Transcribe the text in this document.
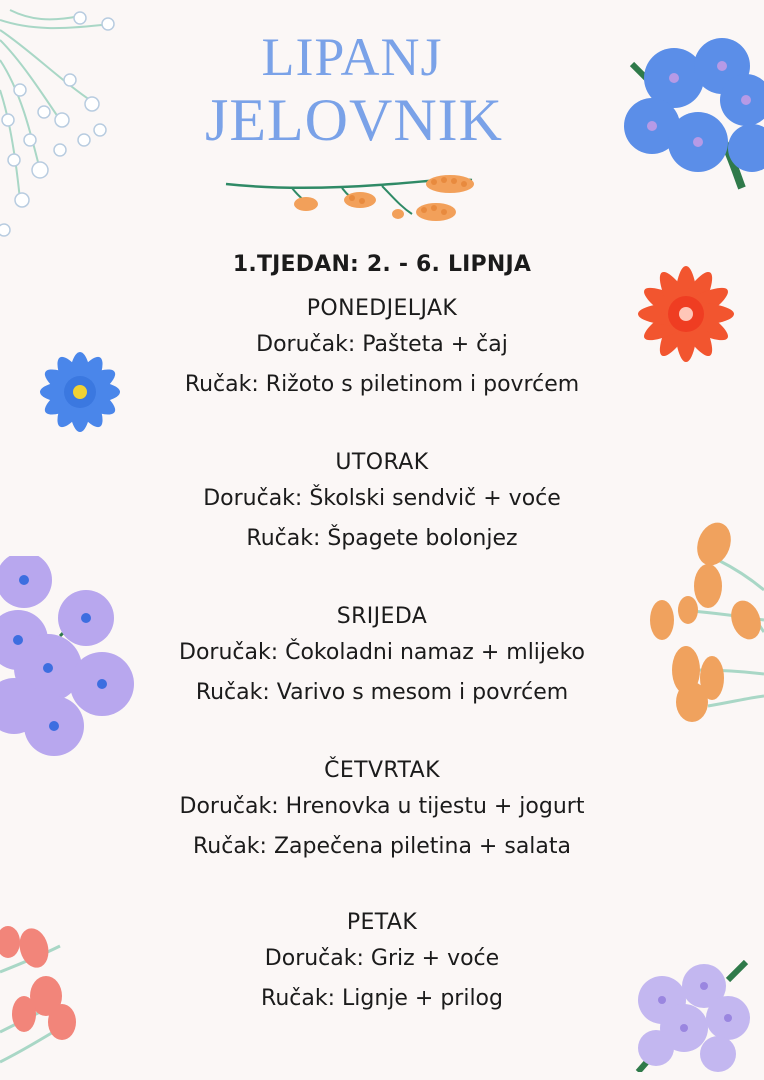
LIPANJ
JELOVNIK
1.TJEDAN: 2. - 6. LIPNJA
PONEDJELJAK
Doručak: Pašteta + čaj
Ručak: Rižoto s piletinom i povrćem
UTORAK
Doručak: Školski sendvič + voće
Ručak: Špagete bolonjez
SRIJEDA
Doručak: Čokoladni namaz + mlijeko
Ručak: Varivo s mesom i povrćem
ČETVRTAK
Doručak: Hrenovka u tijestu + jogurt
Ručak: Zapečena piletina + salata
PETAK
Doručak: Griz + voće
Ručak: Lignje + prilog
